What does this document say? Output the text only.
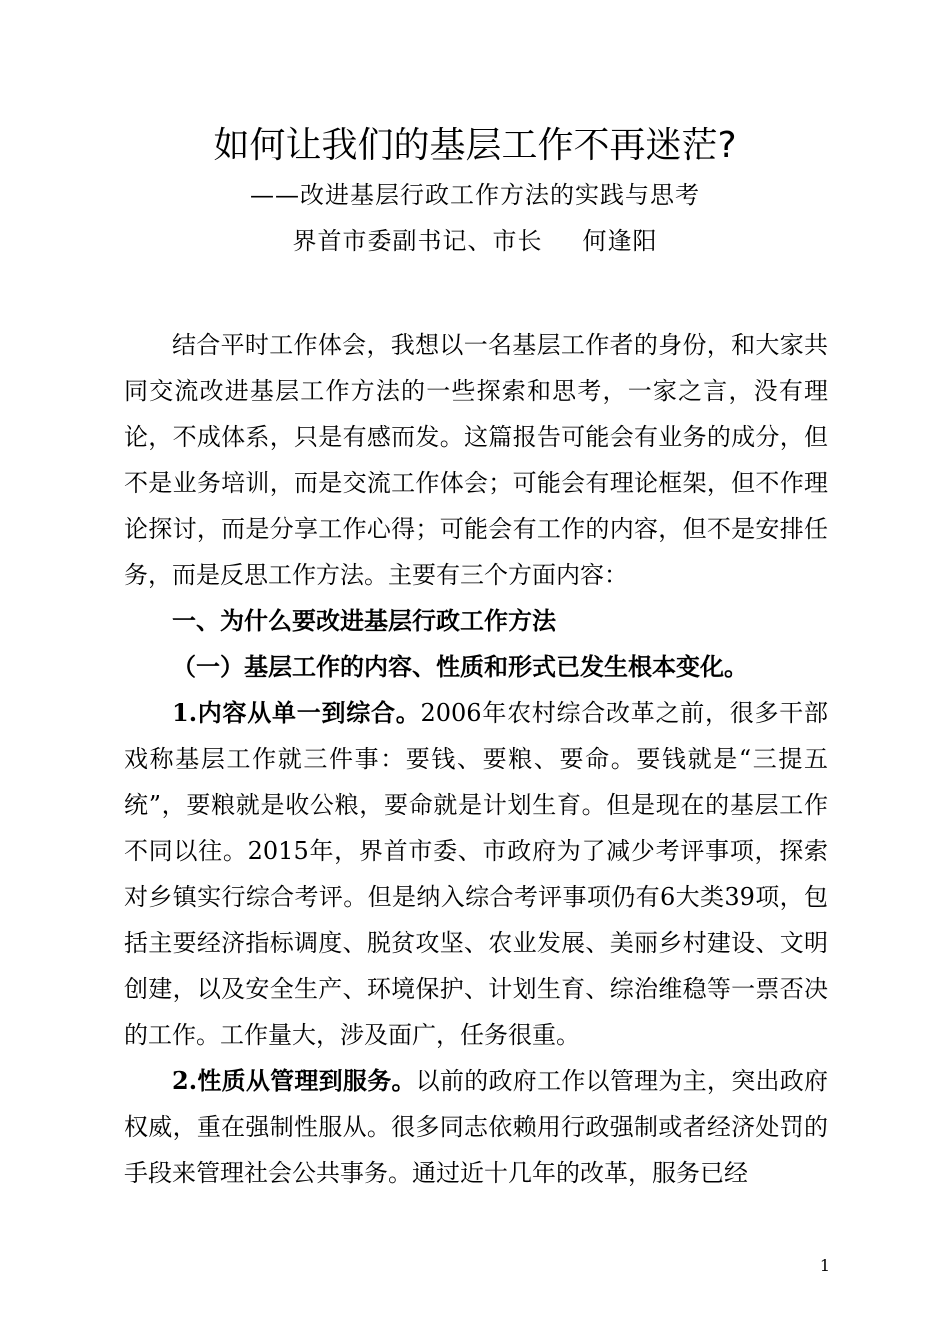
如何让我们的基层工作不再迷茫?
——改进基层行政工作方法的实践与思考
界首市委副书记、市长 何逢阳

结合平时工作体会，我想以一名基层工作者的身份，和大家共同交流改进基层工作方法的一些探索和思考，一家之言，没有理论，不成体系，只是有感而发。这篇报告可能会有业务的成分，但不是业务培训，而是交流工作体会；可能会有理论框架，但不作理论探讨，而是分享工作心得；可能会有工作的内容，但不是安排任务，而是反思工作方法。主要有三个方面内容：

一、为什么要改进基层行政工作方法

（一）基层工作的内容、性质和形式已发生根本变化。

1.内容从单一到综合。2006年农村综合改革之前，很多干部戏称基层工作就三件事：要钱、要粮、要命。要钱就是“三提五统”，要粮就是收公粮，要命就是计划生育。但是现在的基层工作不同以往。2015年，界首市委、市政府为了减少考评事项，探索对乡镇实行综合考评。但是纳入综合考评事项仍有6大类39项，包括主要经济指标调度、脱贫攻坚、农业发展、美丽乡村建设、文明创建，以及安全生产、环境保护、计划生育、综治维稳等一票否决的工作。工作量大，涉及面广，任务很重。

2.性质从管理到服务。以前的政府工作以管理为主，突出政府权威，重在强制性服从。很多同志依赖用行政强制或者经济处罚的手段来管理社会公共事务。通过近十几年的改革，服务已经

1
